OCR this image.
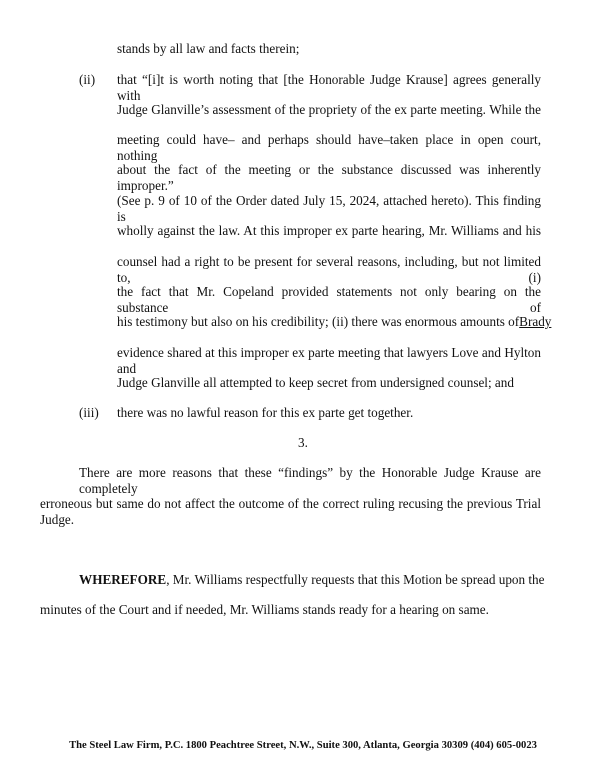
stands by all law and facts therein;
(ii) that “[i]t is worth noting that [the Honorable Judge Krause] agrees generally with
Judge Glanville’s assessment of the propriety of the ex parte meeting. While the
meeting could have– and perhaps should have–taken place in open court, nothing
about the fact of the meeting or the substance discussed was inherently improper.”
(See p. 9 of 10 of the Order dated July 15, 2024, attached hereto). This finding is
wholly against the law. At this improper ex parte hearing, Mr. Williams and his
counsel had a right to be present for several reasons, including, but not limited to, (i)
the fact that Mr. Copeland provided statements not only bearing on the substance of
his testimony but also on his credibility; (ii) there was enormous amounts of Brady
evidence shared at this improper ex parte meeting that lawyers Love and Hylton and
Judge Glanville all attempted to keep secret from undersigned counsel; and
(iii) there was no lawful reason for this ex parte get together.
3.
There are more reasons that these “findings” by the Honorable Judge Krause are completely
erroneous but same do not affect the outcome of the correct ruling recusing the previous Trial Judge.
WHEREFORE , Mr. Williams respectfully requests that this Motion be spread upon the
minutes of the Court and if needed, Mr. Williams stands ready for a hearing on same.
The Steel Law Firm, P.C. 1800 Peachtree Street, N.W., Suite 300, Atlanta, Georgia 30309 (404) 605-0023
